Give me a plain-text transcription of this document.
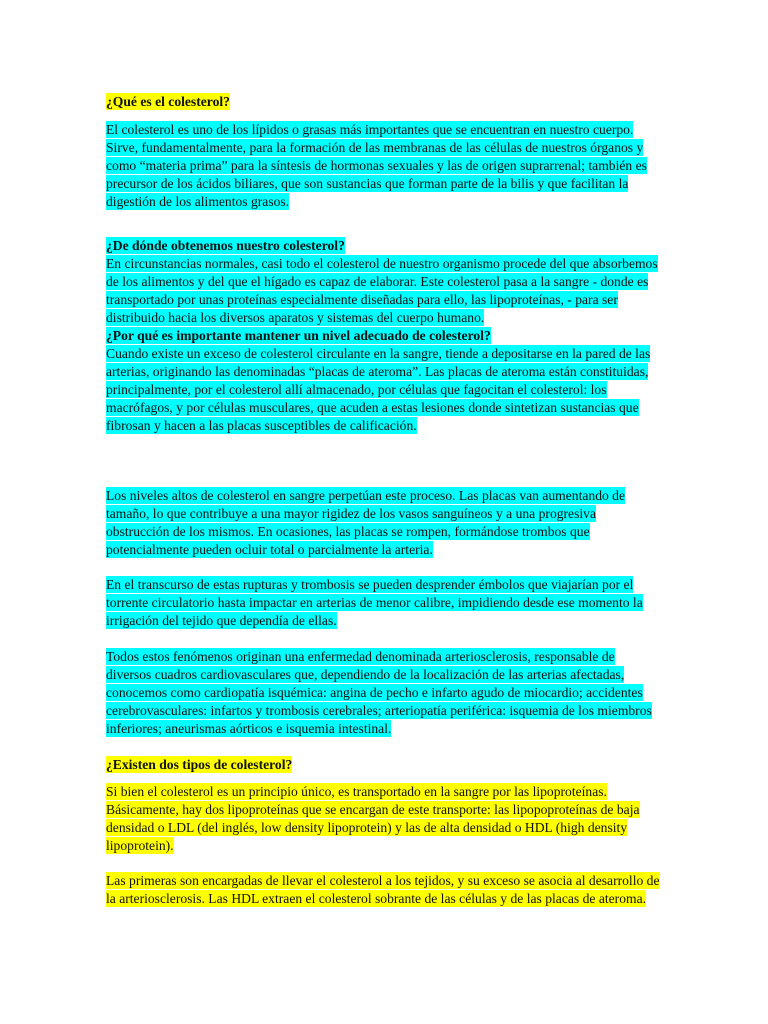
¿Qué es el colesterol?

El colesterol es uno de los lípidos o grasas más importantes que se encuentran en nuestro cuerpo. Sirve, fundamentalmente, para la formación de las membranas de las células de nuestros órganos y como “materia prima” para la síntesis de hormonas sexuales y las de origen suprarrenal; también es precursor de los ácidos biliares, que son sustancias que forman parte de la bilis y que facilitan la digestión de los alimentos grasos.

¿De dónde obtenemos nuestro colesterol?
En circunstancias normales, casi todo el colesterol de nuestro organismo procede del que absorbemos de los alimentos y del que el hígado es capaz de elaborar. Este colesterol pasa a la sangre - donde es transportado por unas proteínas especialmente diseñadas para ello, las lipoproteínas, - para ser distribuido hacia los diversos aparatos y sistemas del cuerpo humano.
¿Por qué es importante mantener un nivel adecuado de colesterol?
Cuando existe un exceso de colesterol circulante en la sangre, tiende a depositarse en la pared de las arterias, originando las denominadas “placas de ateroma”. Las placas de ateroma están constituidas, principalmente, por el colesterol allí almacenado, por células que fagocitan el colesterol: los macrófagos, y por células musculares, que acuden a estas lesiones donde sintetizan sustancias que fibrosan y hacen a las placas susceptibles de calificación.

Los niveles altos de colesterol en sangre perpetúan este proceso. Las placas van aumentando de tamaño, lo que contribuye a una mayor rigidez de los vasos sanguíneos y a una progresiva obstrucción de los mismos. En ocasiones, las placas se rompen, formándose trombos que potencialmente pueden ocluir total o parcialmente la arteria.

En el transcurso de estas rupturas y trombosis se pueden desprender émbolos que viajarían por el torrente circulatorio hasta impactar en arterias de menor calibre, impidiendo desde ese momento la irrigación del tejido que dependía de ellas.

Todos estos fenómenos originan una enfermedad denominada arteriosclerosis, responsable de diversos cuadros cardiovasculares que, dependiendo de la localización de las arterias afectadas, conocemos como cardiopatía isquémica: angina de pecho e infarto agudo de miocardio; accidentes cerebrovasculares: infartos y trombosis cerebrales; arteriopatía periférica: isquemia de los miembros inferiores; aneurismas aórticos e isquemia intestinal.

¿Existen dos tipos de colesterol?

Si bien el colesterol es un principio único, es transportado en la sangre por las lipoproteínas. Básicamente, hay dos lipoproteínas que se encargan de este transporte: las lipopoproteínas de baja densidad o LDL (del inglés, low density lipoprotein) y las de alta densidad o HDL (high density lipoprotein).

Las primeras son encargadas de llevar el colesterol a los tejidos, y su exceso se asocia al desarrollo de la arteriosclerosis. Las HDL extraen el colesterol sobrante de las células y de las placas de ateroma.
